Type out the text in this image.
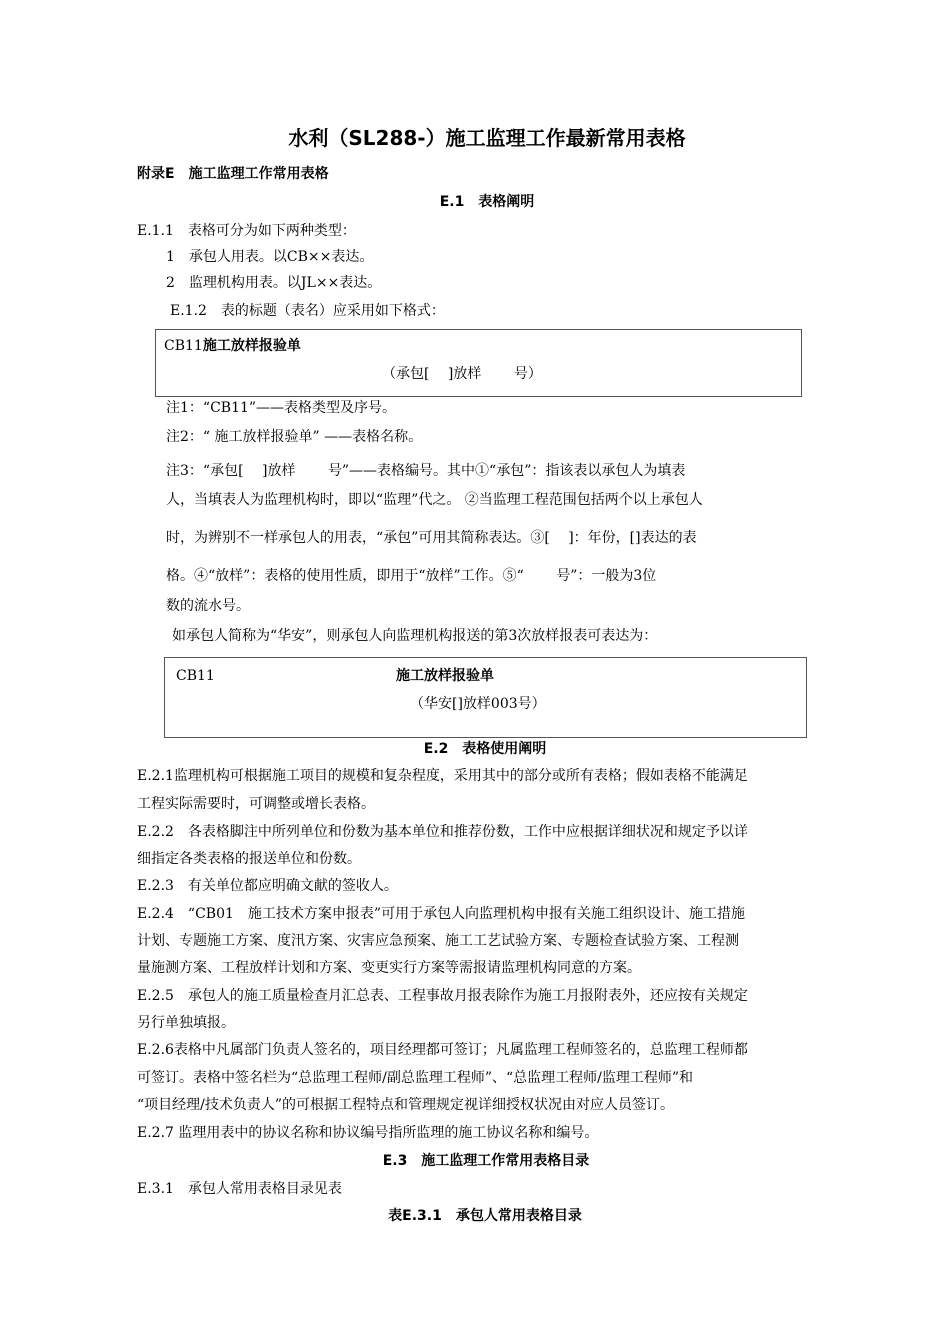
水利（SL288-）施工监理工作最新常用表格
附录E　施工监理工作常用表格
E.1　表格阐明
E.1.1　表格可分为如下两种类型：
1　承包人用表。以CB××表达。
2　监理机构用表。以JL××表达。
E.1.2　表的标题（表名）应采用如下格式：
CB11施工放样报验单
（承包[　 ]放样　　 号）
注1：“CB11”——表格类型及序号。
注2：“ 施工放样报验单” ——表格名称。
注3：“承包[　 ]放样　　 号”——表格编号。其中①“承包”：指该表以承包人为填表
人，当填表人为监理机构时，即以“监理”代之。 ②当监理工程范围包括两个以上承包人
时，为辨别不一样承包人的用表，“承包”可用其简称表达。③[　 ]：年份，[]表达的表
格。④“放样”：表格的使用性质，即用于“放样”工作。⑤“　　 号”：一般为3位
数的流水号。
如承包人简称为“华安”，则承包人向监理机构报送的第3次放样报表可表达为：
CB11	施工放样报验单
（华安[]放样003号）
E.2　表格使用阐明
E.2.1监理机构可根据施工项目的规模和复杂程度，采用其中的部分或所有表格；假如表格不能满足
工程实际需要时，可调整或增长表格。
E.2.2　各表格脚注中所列单位和份数为基本单位和推荐份数，工作中应根据详细状况和规定予以详
细指定各类表格的报送单位和份数。
E.2.3　有关单位都应明确文献的签收人。
E.2.4　“CB01　施工技术方案申报表”可用于承包人向监理机构申报有关施工组织设计、施工措施
计划、专题施工方案、度汛方案、灾害应急预案、施工工艺试验方案、专题检查试验方案、工程测
量施测方案、工程放样计划和方案、变更实行方案等需报请监理机构同意的方案。
E.2.5　承包人的施工质量检查月汇总表、工程事故月报表除作为施工月报附表外，还应按有关规定
另行单独填报。
E.2.6表格中凡属部门负责人签名的，项目经理都可签订；凡属监理工程师签名的，总监理工程师都
可签订。表格中签名栏为“总监理工程师/副总监理工程师”、“总监理工程师/监理工程师”和
“项目经理/技术负责人”的可根据工程特点和管理规定视详细授权状况由对应人员签订。
E.2.7 监理用表中的协议名称和协议编号指所监理的施工协议名称和编号。
E.3　施工监理工作常用表格目录
E.3.1　承包人常用表格目录见表
表E.3.1　承包人常用表格目录
